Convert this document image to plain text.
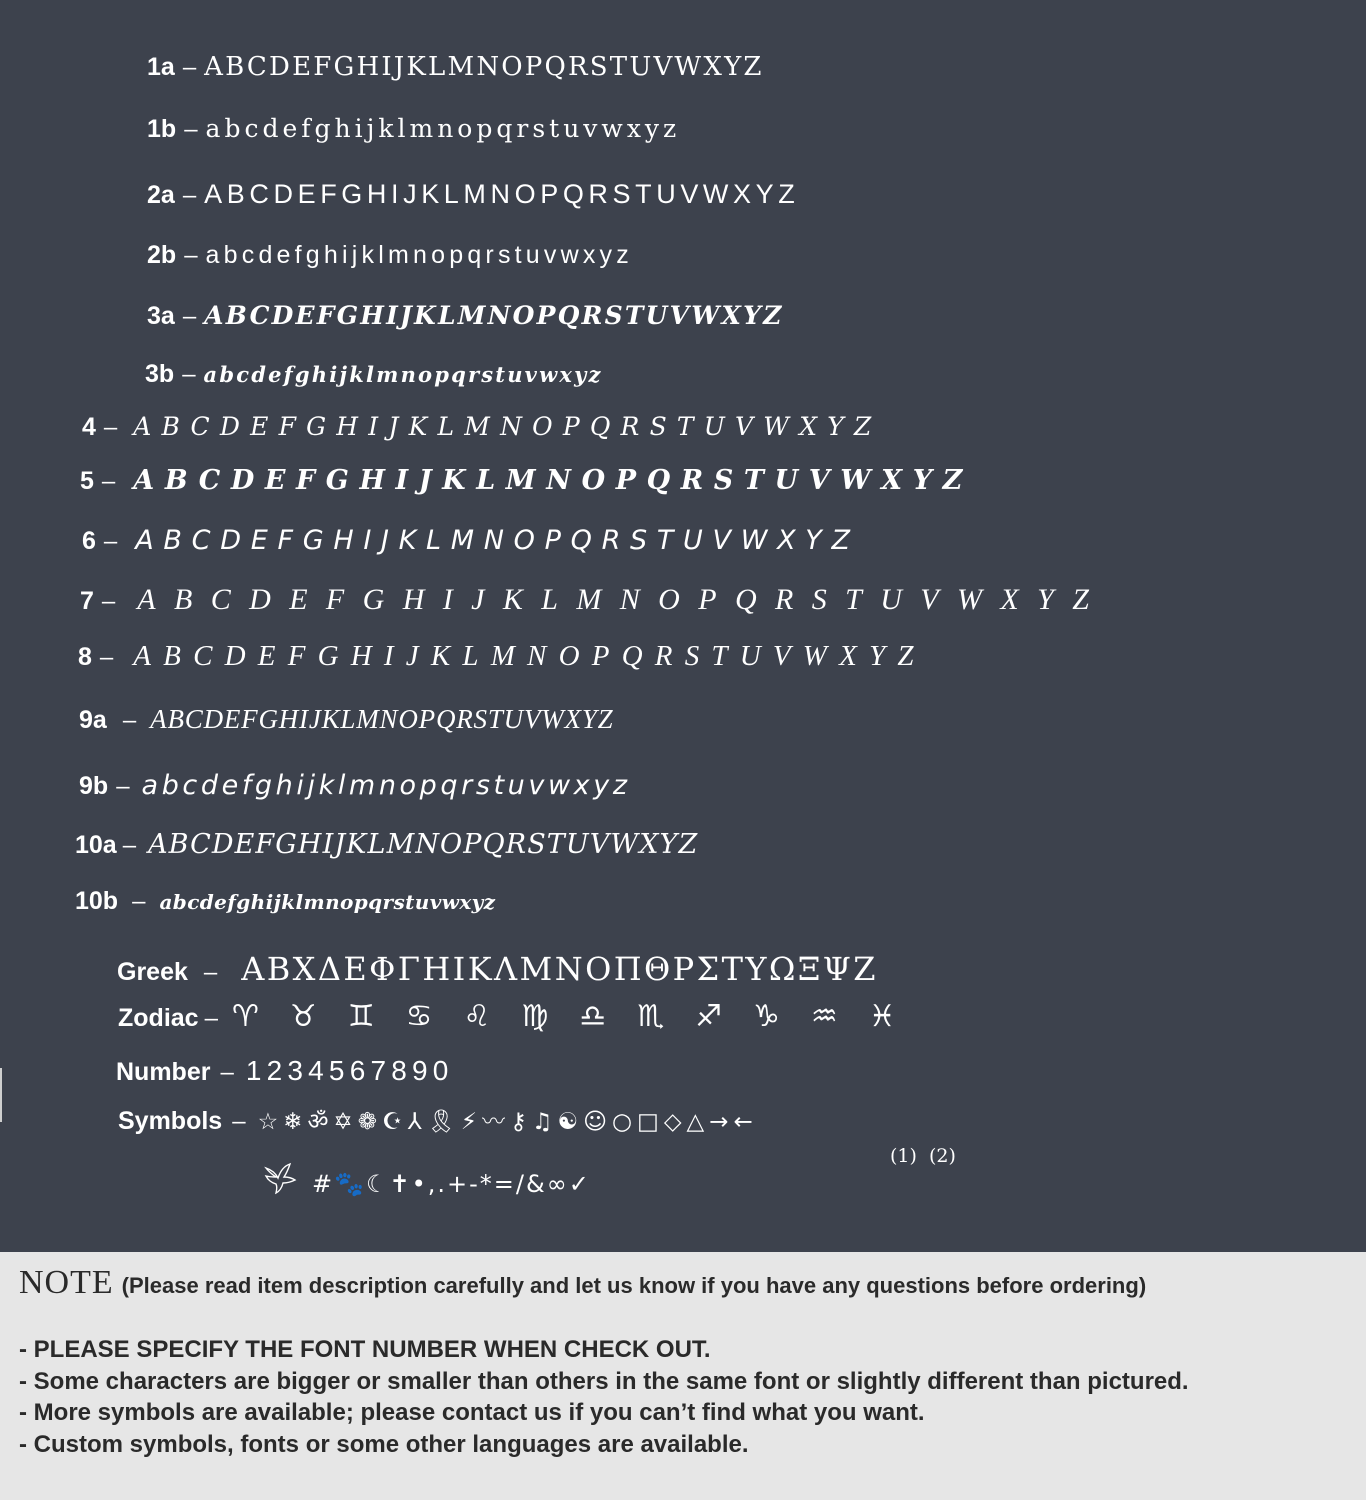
1a – ABCDEFGHIJKLMNOPQRSTUVWXYZ
1b – abcdefghijklmnopqrstuvwxyz
2a – ABCDEFGHIJKLMNOPQRSTUVWXYZ
2b – abcdefghijklmnopqrstuvwxyz
3a – ABCDEFGHIJKLMNOPQRSTUVWXYZ
3b – abcdefghijklmnopqrstuvwxyz
4 – ABCDEFGHIJKLMNOPQRSTUVWXYZ
5 – ABCDEFGHIJKLMNOPQRSTUVWXYZ
6 – ABCDEFGHIJKLMNOPQRSTUVWXYZ
7 – ABCDEFGHIJKLMNOPQRSTUVWXYZ
8 – ABCDEFGHIJKLMNOPQRSTUVWXYZ
9a – ABCDEFGHIJKLMNOPQRSTUVWXYZ
9b – abcdefghijklmnopqrstuvwxyz
10a – ABCDEFGHIJKLMNOPQRSTUVWXYZ
10b – abcdefghijklmnopqrstuvwxyz
Greek – ΑΒΧΔΕΦΓΗΙΚΛΜΝΟΠΘΡΣΤΥΩΞΨΖ
Zodiac – ♈♉♊♋♌♍♎♏♐♑♒♓
Number – 1234567890
Symbols – ☆❄ॐ✡❁☪⅄🎗⚡〰⚷♫☯☺○□◇△→←
(1) (2)
#🐾☾✝•,.+-*=/&∞✓
NOTE (Please read item description carefully and let us know if you have any questions before ordering)
- PLEASE SPECIFY THE FONT NUMBER WHEN CHECK OUT.
- Some characters are bigger or smaller than others in the same font or slightly different than pictured.
- More symbols are available; please contact us if you can’t find what you want.
- Custom symbols, fonts or some other languages are available.
